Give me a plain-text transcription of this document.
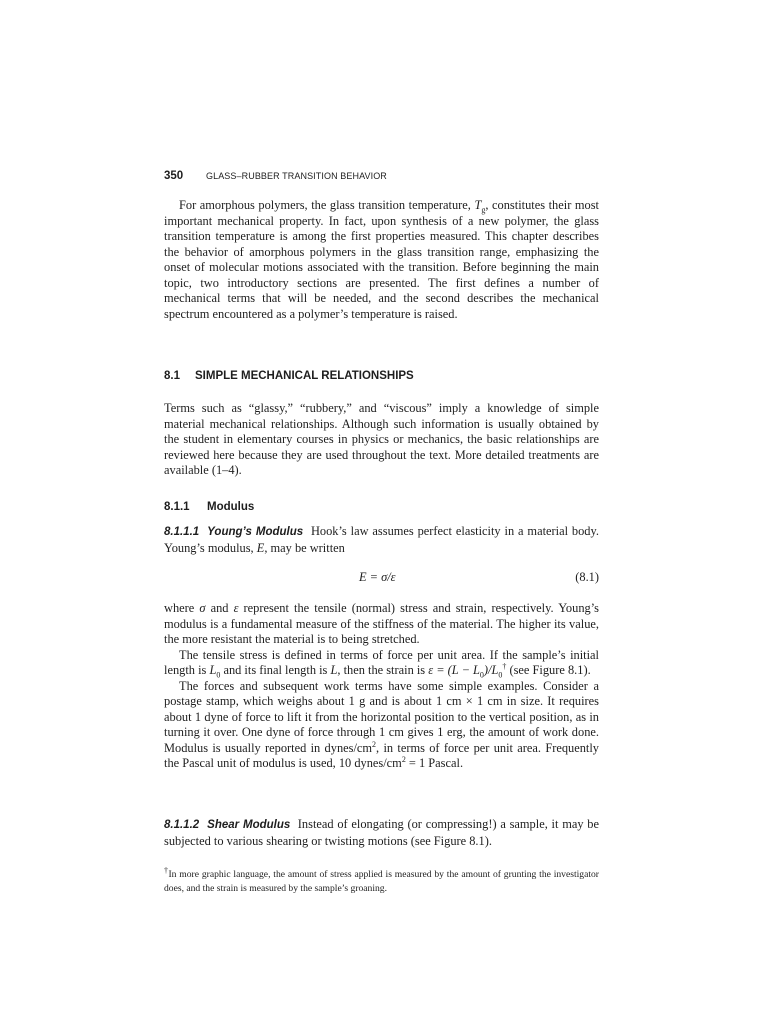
350	GLASS–RUBBER TRANSITION BEHAVIOR

For amorphous polymers, the glass transition temperature, $T_g$, constitutes their most important mechanical property. In fact, upon synthesis of a new polymer, the glass transition temperature is among the first properties measured. This chapter describes the behavior of amorphous polymers in the glass transition range, emphasizing the onset of molecular motions associated with the transition. Before beginning the main topic, two introductory sections are presented. The first defines a number of mechanical terms that will be needed, and the second describes the mechanical spectrum encountered as a polymer’s temperature is raised.

8.1 SIMPLE MECHANICAL RELATIONSHIPS

Terms such as “glassy,” “rubbery,” and “viscous” imply a knowledge of simple material mechanical relationships. Although such information is usually obtained by the student in elementary courses in physics or mechanics, the basic relationships are reviewed here because they are used throughout the text. More detailed treatments are available (1–4).

8.1.1 Modulus

8.1.1.1 Young’s Modulus Hook’s law assumes perfect elasticity in a material body. Young’s modulus, E, may be written

E = σ/ε	(8.1)

where σ and ε represent the tensile (normal) stress and strain, respectively. Young’s modulus is a fundamental measure of the stiffness of the material. The higher its value, the more resistant the material is to being stretched.

The tensile stress is defined in terms of force per unit area. If the sample’s initial length is $L_0$ and its final length is L, then the strain is $\varepsilon = (L - L_0)/L_0^\dagger$ (see Figure 8.1).

The forces and subsequent work terms have some simple examples. Consider a postage stamp, which weighs about 1 g and is about 1 cm × 1 cm in size. It requires about 1 dyne of force to lift it from the horizontal position to the vertical position, as in turning it over. One dyne of force through 1 cm gives 1 erg, the amount of work done. Modulus is usually reported in dynes/$cm^2$, in terms of force per unit area. Frequently the Pascal unit of modulus is used, 10 dynes/$cm^2 = 1$ Pascal.

8.1.1.2 Shear Modulus Instead of elongating (or compressing!) a sample, it may be subjected to various shearing or twisting motions (see Figure 8.1).

†In more graphic language, the amount of stress applied is measured by the amount of grunting the investigator does, and the strain is measured by the sample’s groaning.
